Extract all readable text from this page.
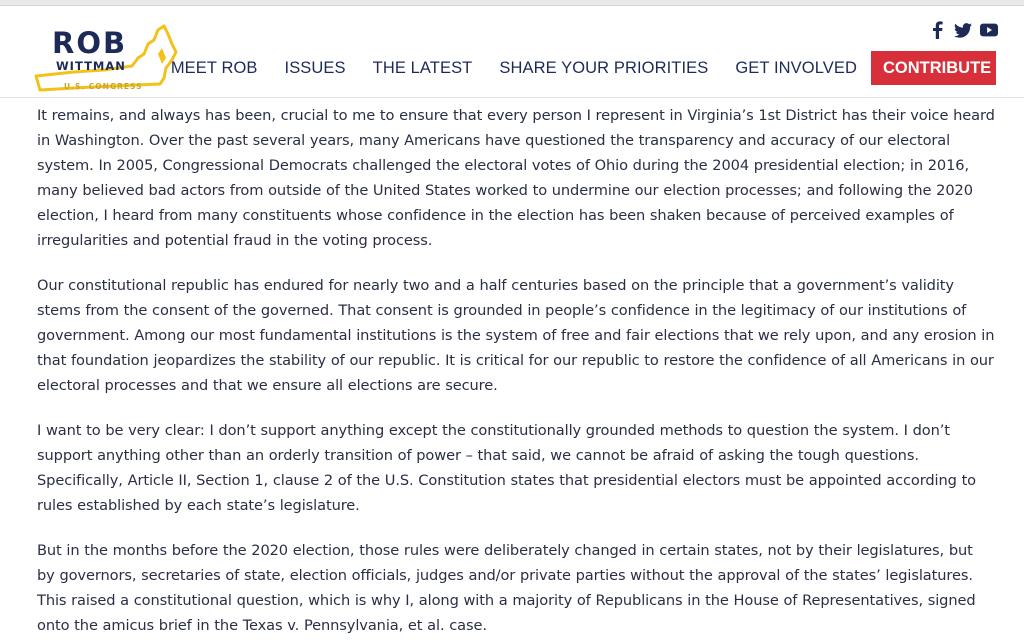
ROB
WITTMAN
U.S. CONGRESS
MEET ROB ISSUES THE LATEST SHARE YOUR PRIORITIES GET INVOLVED	CONTRIBUTE

It remains, and always has been, crucial to me to ensure that every person I represent in Virginia’s 1st District has their voice heard in Washington. Over the past several years, many Americans have questioned the transparency and accuracy of our electoral system. In 2005, Congressional Democrats challenged the electoral votes of Ohio during the 2004 presidential election; in 2016, many believed bad actors from outside of the United States worked to undermine our election processes; and following the 2020 election, I heard from many constituents whose confidence in the election has been shaken because of perceived examples of irregularities and potential fraud in the voting process.

Our constitutional republic has endured for nearly two and a half centuries based on the principle that a government’s validity stems from the consent of the governed. That consent is grounded in people’s confidence in the legitimacy of our institutions of government. Among our most fundamental institutions is the system of free and fair elections that we rely upon, and any erosion in that foundation jeopardizes the stability of our republic. It is critical for our republic to restore the confidence of all Americans in our electoral processes and that we ensure all elections are secure.

I want to be very clear: I don’t support anything except the constitutionally grounded methods to question the system. I don’t support anything other than an orderly transition of power – that said, we cannot be afraid of asking the tough questions. Specifically, Article II, Section 1, clause 2 of the U.S. Constitution states that presidential electors must be appointed according to rules established by each state’s legislature.

But in the months before the 2020 election, those rules were deliberately changed in certain states, not by their legislatures, but by governors, secretaries of state, election officials, judges and/or private parties without the approval of the states’ legislatures. This raised a constitutional question, which is why I, along with a majority of Republicans in the House of Representatives, signed onto the amicus brief in the Texas v. Pennsylvania, et al. case.
